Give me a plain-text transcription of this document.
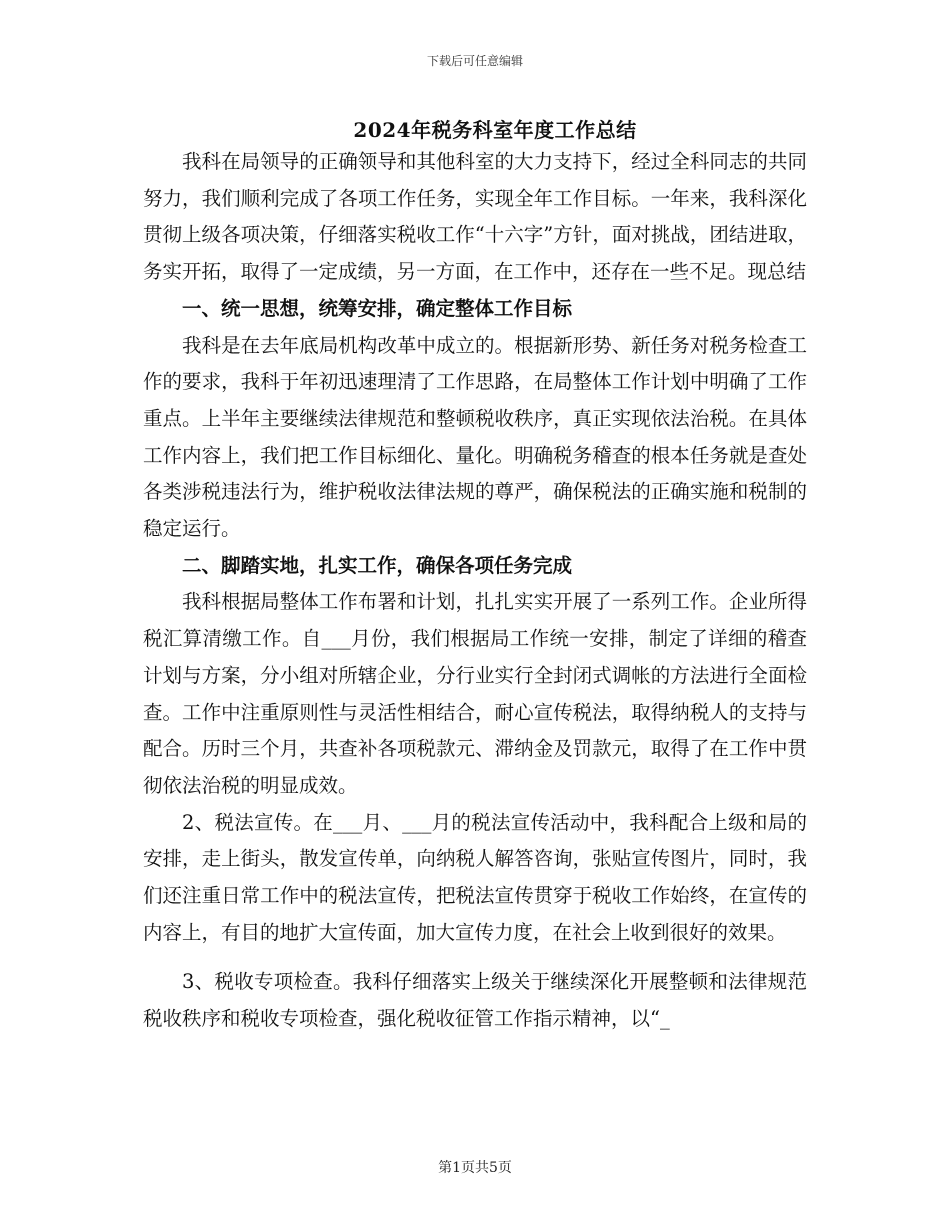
下载后可任意编辑
2024年税务科室年度工作总结

我科在局领导的正确领导和其他科室的大力支持下，经过全科同志的共同努力，我们顺利完成了各项工作任务，实现全年工作目标。一年来，我科深化贯彻上级各项决策，仔细落实税收工作“十六字”方针，面对挑战，团结进取，务实开拓，取得了一定成绩，另一方面，在工作中，还存在一些不足。现总结

一、统一思想，统筹安排，确定整体工作目标

我科是在去年底局机构改革中成立的。根据新形势、新任务对税务检查工作的要求，我科于年初迅速理清了工作思路，在局整体工作计划中明确了工作重点。上半年主要继续法律规范和整顿税收秩序，真正实现依法治税。在具体工作内容上，我们把工作目标细化、量化。明确税务稽查的根本任务就是查处各类涉税违法行为，维护税收法律法规的尊严，确保税法的正确实施和税制的稳定运行。

二、脚踏实地，扎实工作，确保各项任务完成

我科根据局整体工作布署和计划，扎扎实实开展了一系列工作。企业所得税汇算清缴工作。自___月份，我们根据局工作统一安排，制定了详细的稽查计划与方案，分小组对所辖企业，分行业实行全封闭式调帐的方法进行全面检查。工作中注重原则性与灵活性相结合，耐心宣传税法，取得纳税人的支持与配合。历时三个月，共查补各项税款元、滞纳金及罚款元，取得了在工作中贯彻依法治税的明显成效。

2、税法宣传。在___月、___月的税法宣传活动中，我科配合上级和局的安排，走上街头，散发宣传单，向纳税人解答咨询，张贴宣传图片，同时，我们还注重日常工作中的税法宣传，把税法宣传贯穿于税收工作始终，在宣传的内容上，有目的地扩大宣传面，加大宣传力度，在社会上收到很好的效果。

3、税收专项检查。我科仔细落实上级关于继续深化开展整顿和法律规范税收秩序和税收专项检查，强化税收征管工作指示精神，以“_

第1页共5页
